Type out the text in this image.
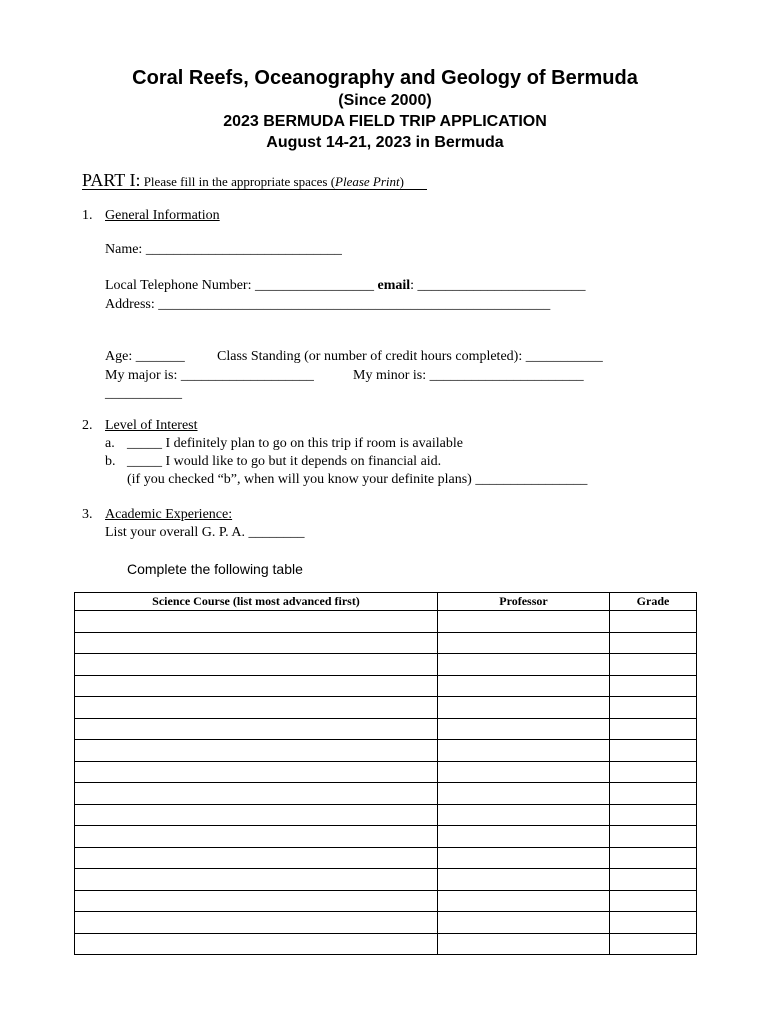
Coral Reefs, Oceanography and Geology of Bermuda
(Since 2000)
2023 BERMUDA FIELD TRIP APPLICATION
August 14-21, 2023 in Bermuda
PART I: Please fill in the appropriate spaces (Please Print)
1. General Information
Name: ____________________________
Local Telephone Number: _________________ email: ________________________
Address: ________________________________________________________
Age: _______ Class Standing (or number of credit hours completed): ___________
My major is: ___________________	My minor is: ______________________
___________
2. Level of Interest
a. _____ I definitely plan to go on this trip if room is available
b. _____ I would like to go but it depends on financial aid.
(if you checked “b”, when will you know your definite plans) ________________
3. Academic Experience:
List your overall G. P. A. ________
Complete the following table
Science Course (list most advanced first)	Professor	Grade
